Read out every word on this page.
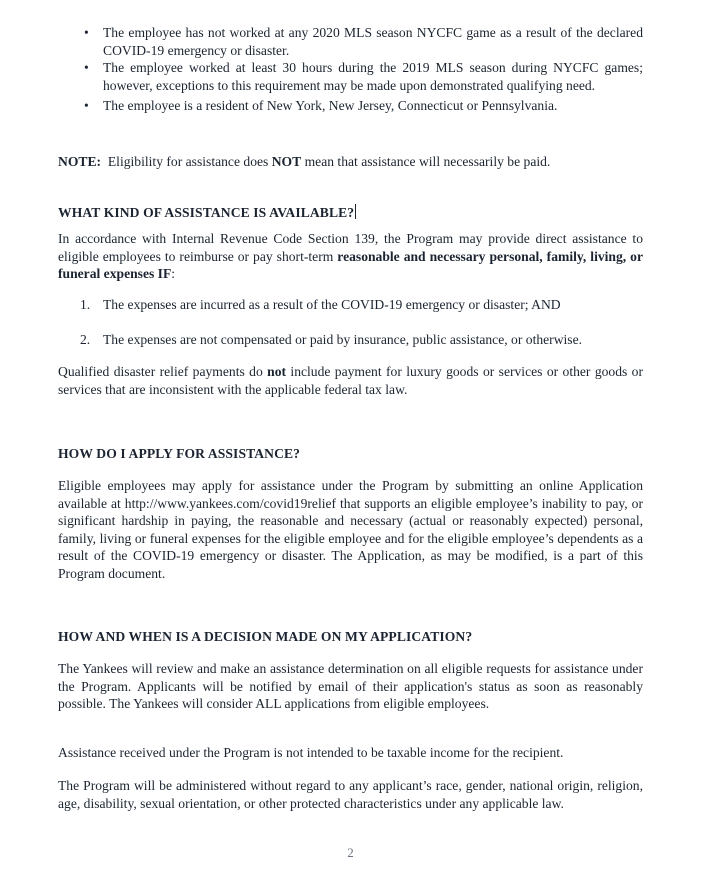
• The employee has not worked at any 2020 MLS season NYCFC game as a result of the declared COVID-19 emergency or disaster.
• The employee worked at least 30 hours during the 2019 MLS season during NYCFC games; however, exceptions to this requirement may be made upon demonstrated qualifying need.
• The employee is a resident of New York, New Jersey, Connecticut or Pennsylvania.

NOTE:  Eligibility for assistance does NOT mean that assistance will necessarily be paid.

WHAT KIND OF ASSISTANCE IS AVAILABLE?

In accordance with Internal Revenue Code Section 139, the Program may provide direct assistance to eligible employees to reimburse or pay short-term reasonable and necessary personal, family, living, or funeral expenses IF:

1. The expenses are incurred as a result of the COVID-19 emergency or disaster; AND
2. The expenses are not compensated or paid by insurance, public assistance, or otherwise.

Qualified disaster relief payments do not include payment for luxury goods or services or other goods or services that are inconsistent with the applicable federal tax law.

HOW DO I APPLY FOR ASSISTANCE?

Eligible employees may apply for assistance under the Program by submitting an online Application available at http://www.yankees.com/covid19relief that supports an eligible employee’s inability to pay, or significant hardship in paying, the reasonable and necessary (actual or reasonably expected) personal, family, living or funeral expenses for the eligible employee and for the eligible employee’s dependents as a result of the COVID-19 emergency or disaster. The Application, as may be modified, is a part of this Program document.

HOW AND WHEN IS A DECISION MADE ON MY APPLICATION?

The Yankees will review and make an assistance determination on all eligible requests for assistance under the Program. Applicants will be notified by email of their application's status as soon as reasonably possible. The Yankees will consider ALL applications from eligible employees.

Assistance received under the Program is not intended to be taxable income for the recipient.

The Program will be administered without regard to any applicant’s race, gender, national origin, religion, age, disability, sexual orientation, or other protected characteristics under any applicable law.

2
